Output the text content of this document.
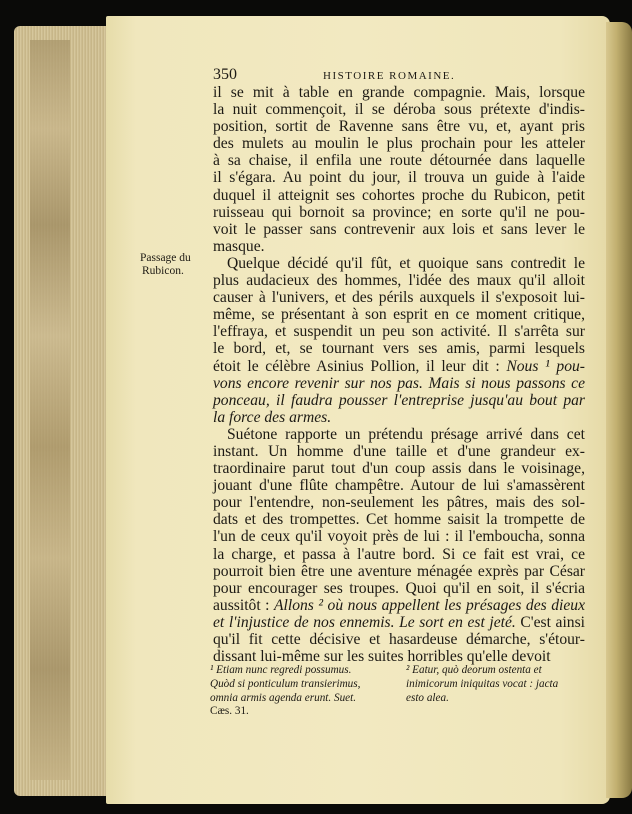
350	HISTOIRE ROMAINE.
il se mit à table en grande compagnie. Mais, lorsque
la nuit commençoit, il se déroba sous prétexte d'indis-
position, sortit de Ravenne sans être vu, et, ayant pris
des mulets au moulin le plus prochain pour les atteler
à sa chaise, il enfila une route détournée dans laquelle
il s'égara. Au point du jour, il trouva un guide à l'aide
duquel il atteignit ses cohortes proche du Rubicon, petit
ruisseau qui bornoit sa province; en sorte qu'il ne pou-
voit le passer sans contrevenir aux lois et sans lever le
masque.
Quelque décidé qu'il fût, et quoique sans contredit le
plus audacieux des hommes, l'idée des maux qu'il alloit
causer à l'univers, et des périls auxquels il s'exposoit lui-
même, se présentant à son esprit en ce moment critique,
l'effraya, et suspendit un peu son activité. Il s'arrêta sur
le bord, et, se tournant vers ses amis, parmi lesquels
étoit le célèbre Asinius Pollion, il leur dit : Nous ¹ pou-
vons encore revenir sur nos pas. Mais si nous passons ce
ponceau, il faudra pousser l'entreprise jusqu'au bout par
la force des armes.
Suétone rapporte un prétendu présage arrivé dans cet
instant. Un homme d'une taille et d'une grandeur ex-
traordinaire parut tout d'un coup assis dans le voisinage,
jouant d'une flûte champêtre. Autour de lui s'amassèrent
pour l'entendre, non-seulement les pâtres, mais des sol-
dats et des trompettes. Cet homme saisit la trompette de
l'un de ceux qu'il voyoit près de lui : il l'emboucha, sonna
la charge, et passa à l'autre bord. Si ce fait est vrai, ce
pourroit bien être une aventure ménagée exprès par César
pour encourager ses troupes. Quoi qu'il en soit, il s'écria
aussitôt : Allons ² où nous appellent les présages des dieux
et l'injustice de nos ennemis. Le sort en est jeté. C'est ainsi
qu'il fit cette décisive et hasardeuse démarche, s'étour-
dissant lui-même sur les suites horribles qu'elle devoit
Passage du
Rubicon.
¹ Etiam nunc regredi possumus.
Quòd si ponticulum transierimus,
omnia armis agenda erunt. Suet.
Cæs. 31.
² Eatur, quò deorum ostenta et
inimicorum iniquitas vocat : jacta
esto alea.
